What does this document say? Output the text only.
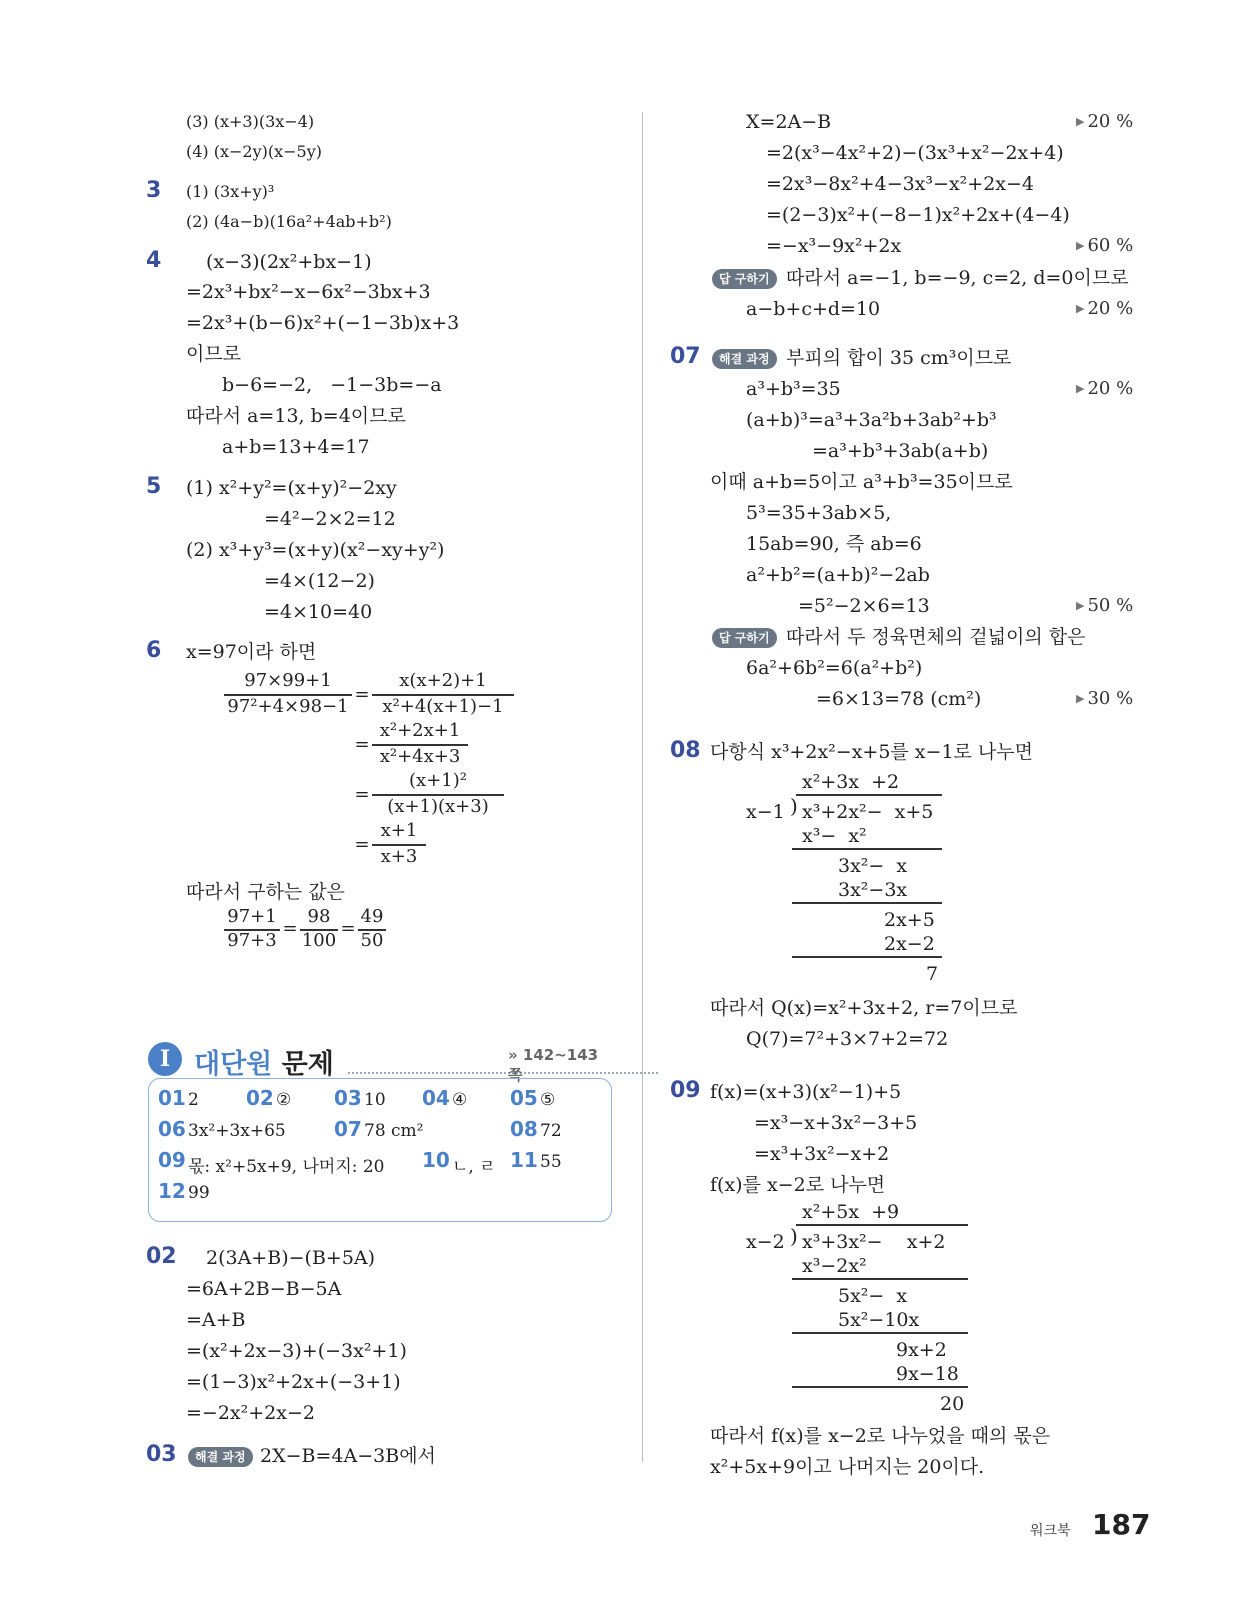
(3) (x+3)(3x−4)
(4) (x−2y)(x−5y)
3 (1) (3x+y)³
(2) (4a−b)(16a²+4ab+b²)
4 (x−3)(2x²+bx−1)
=2x³+bx²−x−6x²−3bx+3
=2x³+(b−6)x²+(−1−3b)x+3
이므로
b−6=−2,   −1−3b=−a
따라서 a=13, b=4이므로
a+b=13+4=17
5 (1) x²+y²=(x+y)²−2xy
=4²−2×2=12
(2) x³+y³=(x+y)(x²−xy+y²)
=4×(12−2)
=4×10=40
6 x=97이라 하면
97×99+1
97²+4×98−1
=
x(x+2)+1
x²+4(x+1)−1
=
x²+2x+1
x²+4x+3
=
(x+1)²
(x+1)(x+3)
=
x+1
x+3
따라서 구하는 값은
97+1
97+3
=
98
100
=
49
50
I 대단원 문제	» 142~143쪽
01 2 02 ② 03 10 04 ④ 05 ⑤
06 3x²+3x+65 07 78 cm²	08 72
09 몫: x²+5x+9, 나머지: 20 10 ㄴ, ㄹ 11 55
12 99
02 2(3A+B)−(B+5A)
=6A+2B−B−5A
=A+B
=(x²+2x−3)+(−3x²+1)
=(1−3)x²+2x+(−3+1)
=−2x²+2x−2
03	해결 과정 2X−B=4A−3B에서
X=2A−B	▶ 20 %
=2(x³−4x²+2)−(3x³+x²−2x+4)
=2x³−8x²+4−3x³−x²+2x−4
=(2−3)x²+(−8−1)x²+2x+(4−4)
=−x³−9x²+2x	▶ 60 %
답 구하기 따라서 a=−1, b=−9, c=2, d=0이므로
a−b+c+d=10	▶ 20 %
07	해결 과정 부피의 합이 35 cm³이므로
a³+b³=35	▶ 20 %
(a+b)³=a³+3a²b+3ab²+b³
=a³+b³+3ab(a+b)
이때 a+b=5이고 a³+b³=35이므로
5³=35+3ab×5,
15ab=90, 즉 ab=6
a²+b²=(a+b)²−2ab
=5²−2×6=13	▶ 50 %
답 구하기 따라서 두 정육면체의 겉넓이의 합은
6a²+6b²=6(a²+b²)
=6×13=78 (cm²)	▶ 30 %
08 다항식 x³+2x²−x+5를 x−1로 나누면
x²+3x  +2
x−1 ) x³+2x²−  x+5
x³−  x²
3x²−  x
3x²−3x
2x+5
2x−2
7
따라서 Q(x)=x²+3x+2, r=7이므로
Q(7)=7²+3×7+2=72
09 f(x)=(x+3)(x²−1)+5
=x³−x+3x²−3+5
=x³+3x²−x+2
f(x)를 x−2로 나누면
x²+5x  +9
x−2 ) x³+3x²−    x+2
x³−2x²
5x²−  x
5x²−10x
9x+2
9x−18
20
따라서 f(x)를 x−2로 나누었을 때의 몫은
x²+5x+9이고 나머지는 20이다.
워크북 187
